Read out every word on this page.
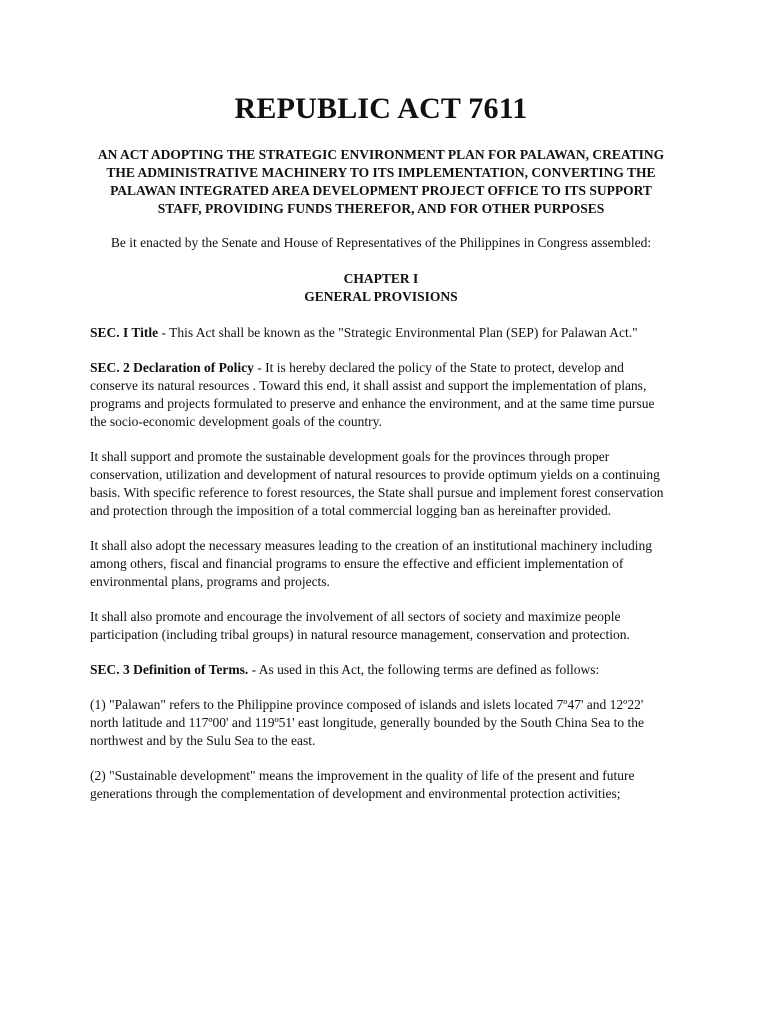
REPUBLIC ACT 7611
AN ACT ADOPTING THE STRATEGIC ENVIRONMENT PLAN FOR PALAWAN, CREATING THE ADMINISTRATIVE MACHINERY TO ITS IMPLEMENTATION, CONVERTING THE PALAWAN INTEGRATED AREA DEVELOPMENT PROJECT OFFICE TO ITS SUPPORT STAFF, PROVIDING FUNDS THEREFOR, AND FOR OTHER PURPOSES
Be it enacted by the Senate and House of Representatives of the Philippines in Congress assembled:
CHAPTER I
GENERAL PROVISIONS

SEC. I Title - This Act shall be known as the "Strategic Environmental Plan (SEP) for Palawan Act."

SEC. 2 Declaration of Policy - It is hereby declared the policy of the State to protect, develop and conserve its natural resources . Toward this end, it shall assist and support the implementation of plans, programs and projects formulated to preserve and enhance the environment, and at the same time pursue the socio-economic development goals of the country.

It shall support and promote the sustainable development goals for the provinces through proper conservation, utilization and development of natural resources to provide optimum yields on a continuing basis. With specific reference to forest resources, the State shall pursue and implement forest conservation and protection through the imposition of a total commercial logging ban as hereinafter provided.

It shall also adopt the necessary measures leading to the creation of an institutional machinery including among others, fiscal and financial programs to ensure the effective and efficient implementation of environmental plans, programs and projects.

It shall also promote and encourage the involvement of all sectors of society and maximize people participation (including tribal groups) in natural resource management, conservation and protection.

SEC. 3 Definition of Terms. - As used in this Act, the following terms are defined as follows:

(1) "Palawan" refers to the Philippine province composed of islands and islets located 7º47' and 12º22' north latitude and 117º00' and 119º51' east longitude, generally bounded by the South China Sea to the northwest and by the Sulu Sea to the east.

(2) "Sustainable development" means the improvement in the quality of life of the present and future generations through the complementation of development and environmental protection activities;
